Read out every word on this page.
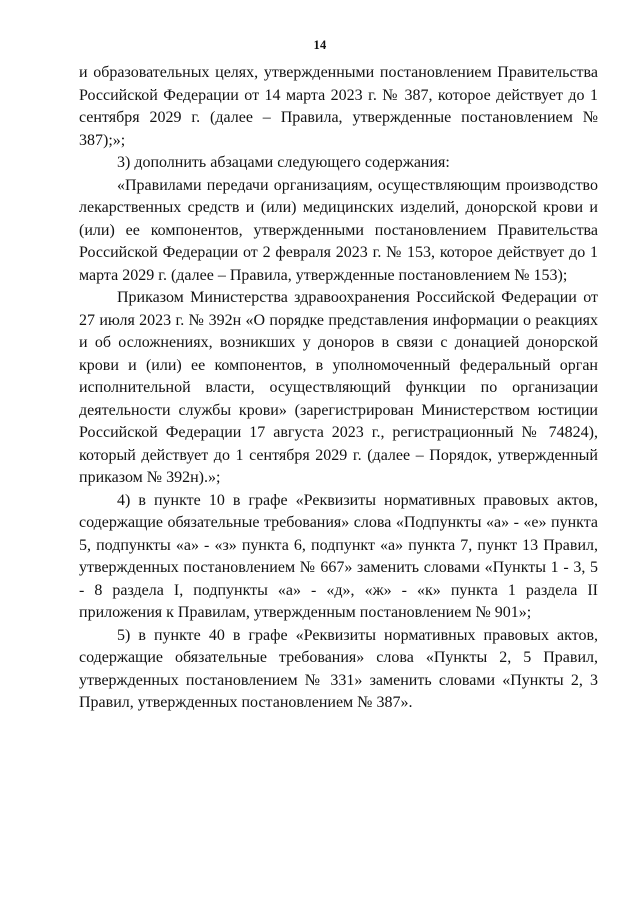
14

и образовательных целях, утвержденными постановлением Правительства Российской Федерации от 14 марта 2023 г. № 387, которое действует до 1 сентября 2029 г. (далее – Правила, утвержденные постановлением № 387);»;

3) дополнить абзацами следующего содержания:

«Правилами передачи организациям, осуществляющим производство лекарственных средств и (или) медицинских изделий, донорской крови и (или) ее компонентов, утвержденными постановлением Правительства Российской Федерации от 2 февраля 2023 г. № 153, которое действует до 1 марта 2029 г. (далее – Правила, утвержденные постановлением № 153);

Приказом Министерства здравоохранения Российской Федерации от 27 июля 2023 г. № 392н «О порядке представления информации о реакциях и об осложнениях, возникших у доноров в связи с донацией донорской крови и (или) ее компонентов, в уполномоченный федеральный орган исполнительной власти, осуществляющий функции по организации деятельности службы крови» (зарегистрирован Министерством юстиции Российской Федерации 17 августа 2023 г., регистрационный № 74824), который действует до 1 сентября 2029 г. (далее – Порядок, утвержденный приказом № 392н).»;

4) в пункте 10 в графе «Реквизиты нормативных правовых актов, содержащие обязательные требования» слова «Подпункты «а» - «е» пункта 5, подпункты «а» - «з» пункта 6, подпункт «а» пункта 7, пункт 13 Правил, утвержденных постановлением № 667» заменить словами «Пункты 1 - 3, 5 - 8 раздела I, подпункты «а» - «д», «ж» - «к» пункта 1 раздела II приложения к Правилам, утвержденным постановлением № 901»;

5) в пункте 40 в графе «Реквизиты нормативных правовых актов, содержащие обязательные требования» слова «Пункты 2, 5 Правил, утвержденных постановлением № 331» заменить словами «Пункты 2, 3 Правил, утвержденных постановлением № 387».
